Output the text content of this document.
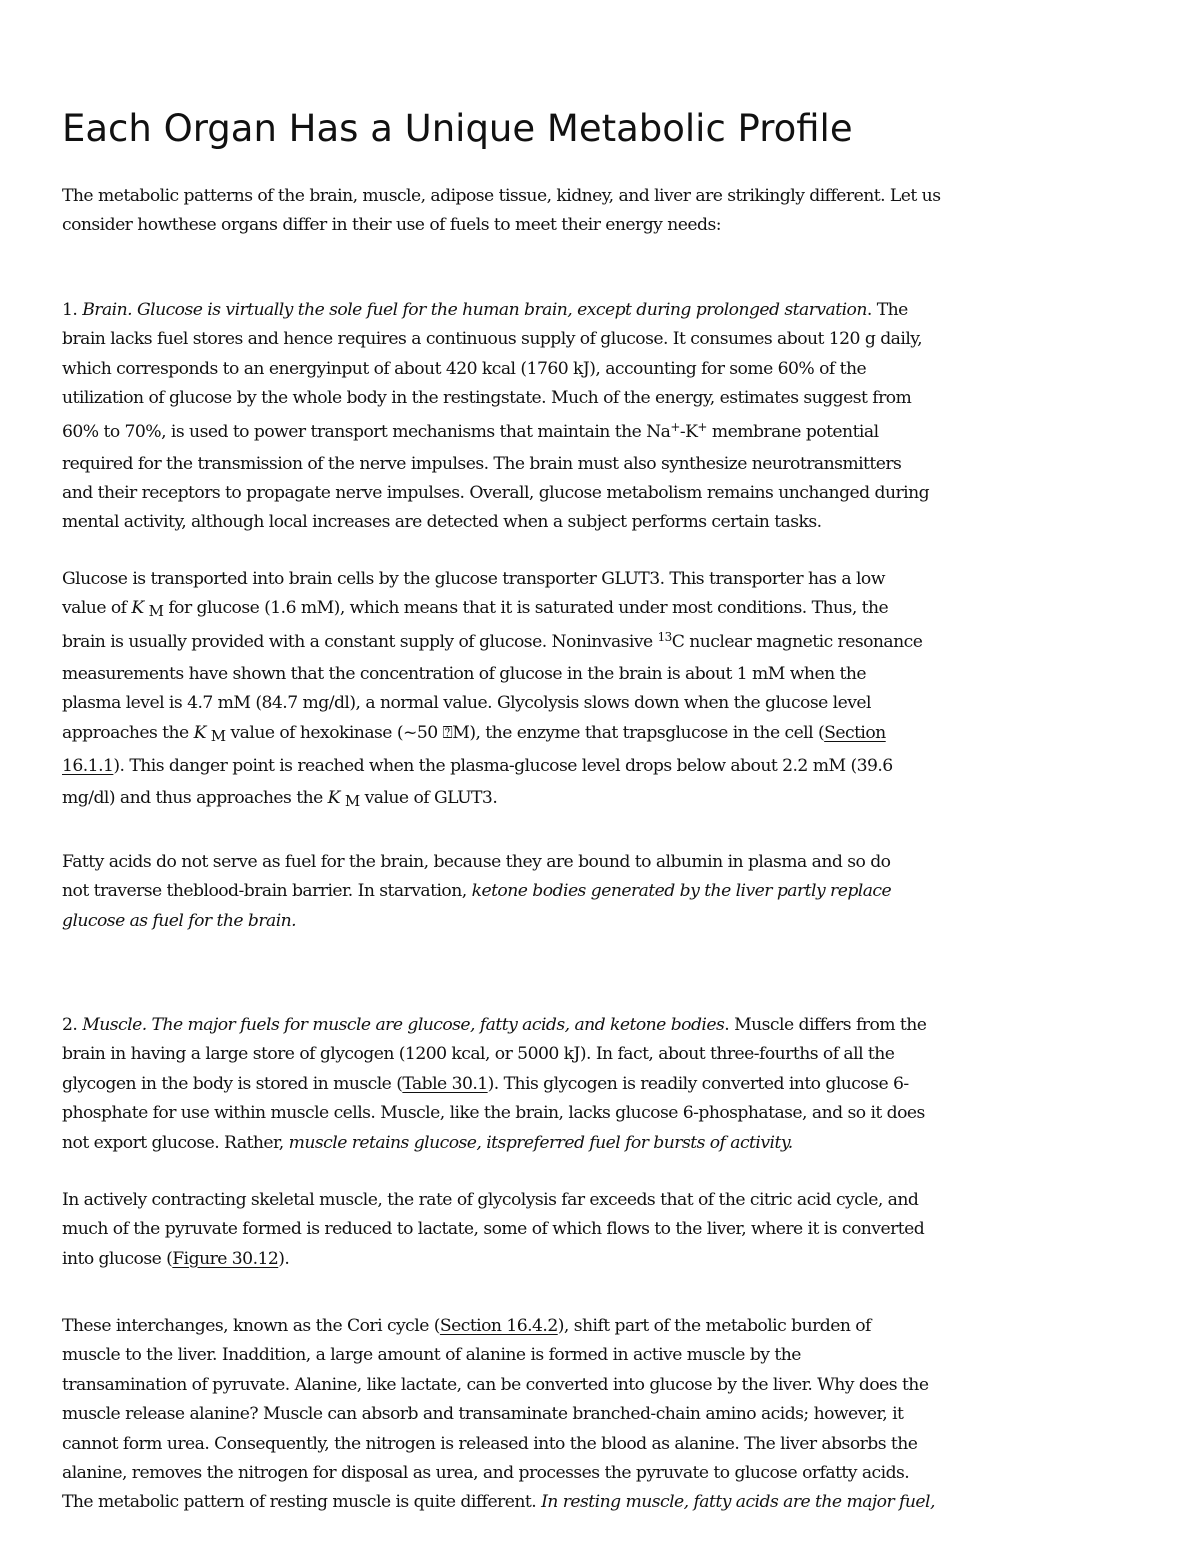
Each Organ Has a Unique Metabolic Profile
The metabolic patterns of the brain, muscle, adipose tissue, kidney, and liver are strikingly different. Let us
consider howthese organs differ in their use of fuels to meet their energy needs:
1. Brain. Glucose is virtually the sole fuel for the human brain, except during prolonged starvation. The
brain lacks fuel stores and hence requires a continuous supply of glucose. It consumes about 120 g daily,
which corresponds to an energyinput of about 420 kcal (1760 kJ), accounting for some 60% of the
utilization of glucose by the whole body in the restingstate. Much of the energy, estimates suggest from
60% to 70%, is used to power transport mechanisms that maintain the Na+-K+ membrane potential
required for the transmission of the nerve impulses. The brain must also synthesize neurotransmitters
and their receptors to propagate nerve impulses. Overall, glucose metabolism remains unchanged during
mental activity, although local increases are detected when a subject performs certain tasks.
Glucose is transported into brain cells by the glucose transporter GLUT3. This transporter has a low
value of K M for glucose (1.6 mM), which means that it is saturated under most conditions. Thus, the
brain is usually provided with a constant supply of glucose. Noninvasive $^{13}$C nuclear magnetic resonance
measurements have shown that the concentration of glucose in the brain is about 1 mM when the
plasma level is 4.7 mM (84.7 mg/dl), a normal value. Glycolysis slows down when the glucose level
approaches the K M value of hexokinase (~50 ⍰M), the enzyme that trapsglucose in the cell (Section
16.1.1). This danger point is reached when the plasma-glucose level drops below about 2.2 mM (39.6
mg/dl) and thus approaches the K M value of GLUT3.
Fatty acids do not serve as fuel for the brain, because they are bound to albumin in plasma and so do
not traverse theblood-brain barrier. In starvation, ketone bodies generated by the liver partly replace
glucose as fuel for the brain.
2. Muscle. The major fuels for muscle are glucose, fatty acids, and ketone bodies. Muscle differs from the
brain in having a large store of glycogen (1200 kcal, or 5000 kJ). In fact, about three-fourths of all the
glycogen in the body is stored in muscle (Table 30.1). This glycogen is readily converted into glucose 6-
phosphate for use within muscle cells. Muscle, like the brain, lacks glucose 6-phosphatase, and so it does
not export glucose. Rather, muscle retains glucose, itspreferred fuel for bursts of activity.
In actively contracting skeletal muscle, the rate of glycolysis far exceeds that of the citric acid cycle, and
much of the pyruvate formed is reduced to lactate, some of which flows to the liver, where it is converted
into glucose (Figure 30.12).
These interchanges, known as the Cori cycle (Section 16.4.2), shift part of the metabolic burden of
muscle to the liver. Inaddition, a large amount of alanine is formed in active muscle by the
transamination of pyruvate. Alanine, like lactate, can be converted into glucose by the liver. Why does the
muscle release alanine? Muscle can absorb and transaminate branched-chain amino acids; however, it
cannot form urea. Consequently, the nitrogen is released into the blood as alanine. The liver absorbs the
alanine, removes the nitrogen for disposal as urea, and processes the pyruvate to glucose orfatty acids.
The metabolic pattern of resting muscle is quite different. In resting muscle, fatty acids are the major fuel,
